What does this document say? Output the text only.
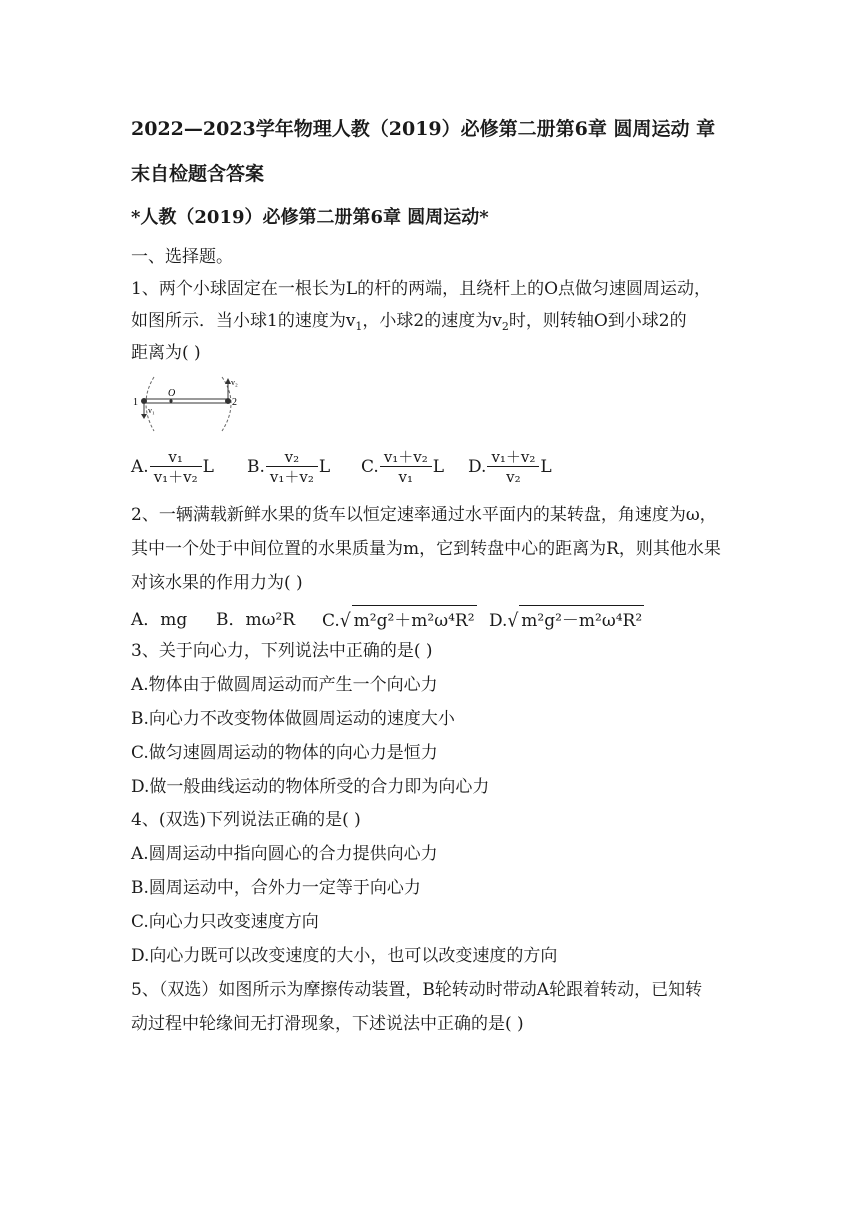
2022—2023学年物理人教（2019）必修第二册第6章 圆周运动 章
末自检题含答案
*人教（2019）必修第二册第6章 圆周运动*
一、选择题。
1、两个小球固定在一根长为L的杆的两端，且绕杆上的O点做匀速圆周运动，
如图所示．当小球1的速度为$v_1$，小球2的速度为$v_2$时，则转轴O到小球2的
距离为( )
1	2
O
v₁
v₂
A. $\frac{\text{v₁}}{\text{v₁＋v₂}}$ L B. $\frac{\text{v₂}}{\text{v₁＋v₂}}$ L C. $\frac{\text{v₁＋v₂}}{\text{v₁}}$ L D. $\frac{\text{v₁＋v₂}}{\text{v₂}}$ L
2、一辆满载新鲜水果的货车以恒定速率通过水平面内的某转盘，角速度为ω，
其中一个处于中间位置的水果质量为m，它到转盘中心的距离为R，则其他水果
对该水果的作用力为( )
A．mg B．mω²R C.√ m²g²＋m²ω⁴R² D.√ m²g²－m²ω⁴R²
3、关于向心力，下列说法中正确的是( )
A.物体由于做圆周运动而产生一个向心力
B.向心力不改变物体做圆周运动的速度大小
C.做匀速圆周运动的物体的向心力是恒力
D.做一般曲线运动的物体所受的合力即为向心力
4、(双选)下列说法正确的是( )
A.圆周运动中指向圆心的合力提供向心力
B.圆周运动中，合外力一定等于向心力
C.向心力只改变速度方向
D.向心力既可以改变速度的大小，也可以改变速度的方向
5、（双选）如图所示为摩擦传动装置，B轮转动时带动A轮跟着转动，已知转
动过程中轮缘间无打滑现象，下述说法中正确的是( )
